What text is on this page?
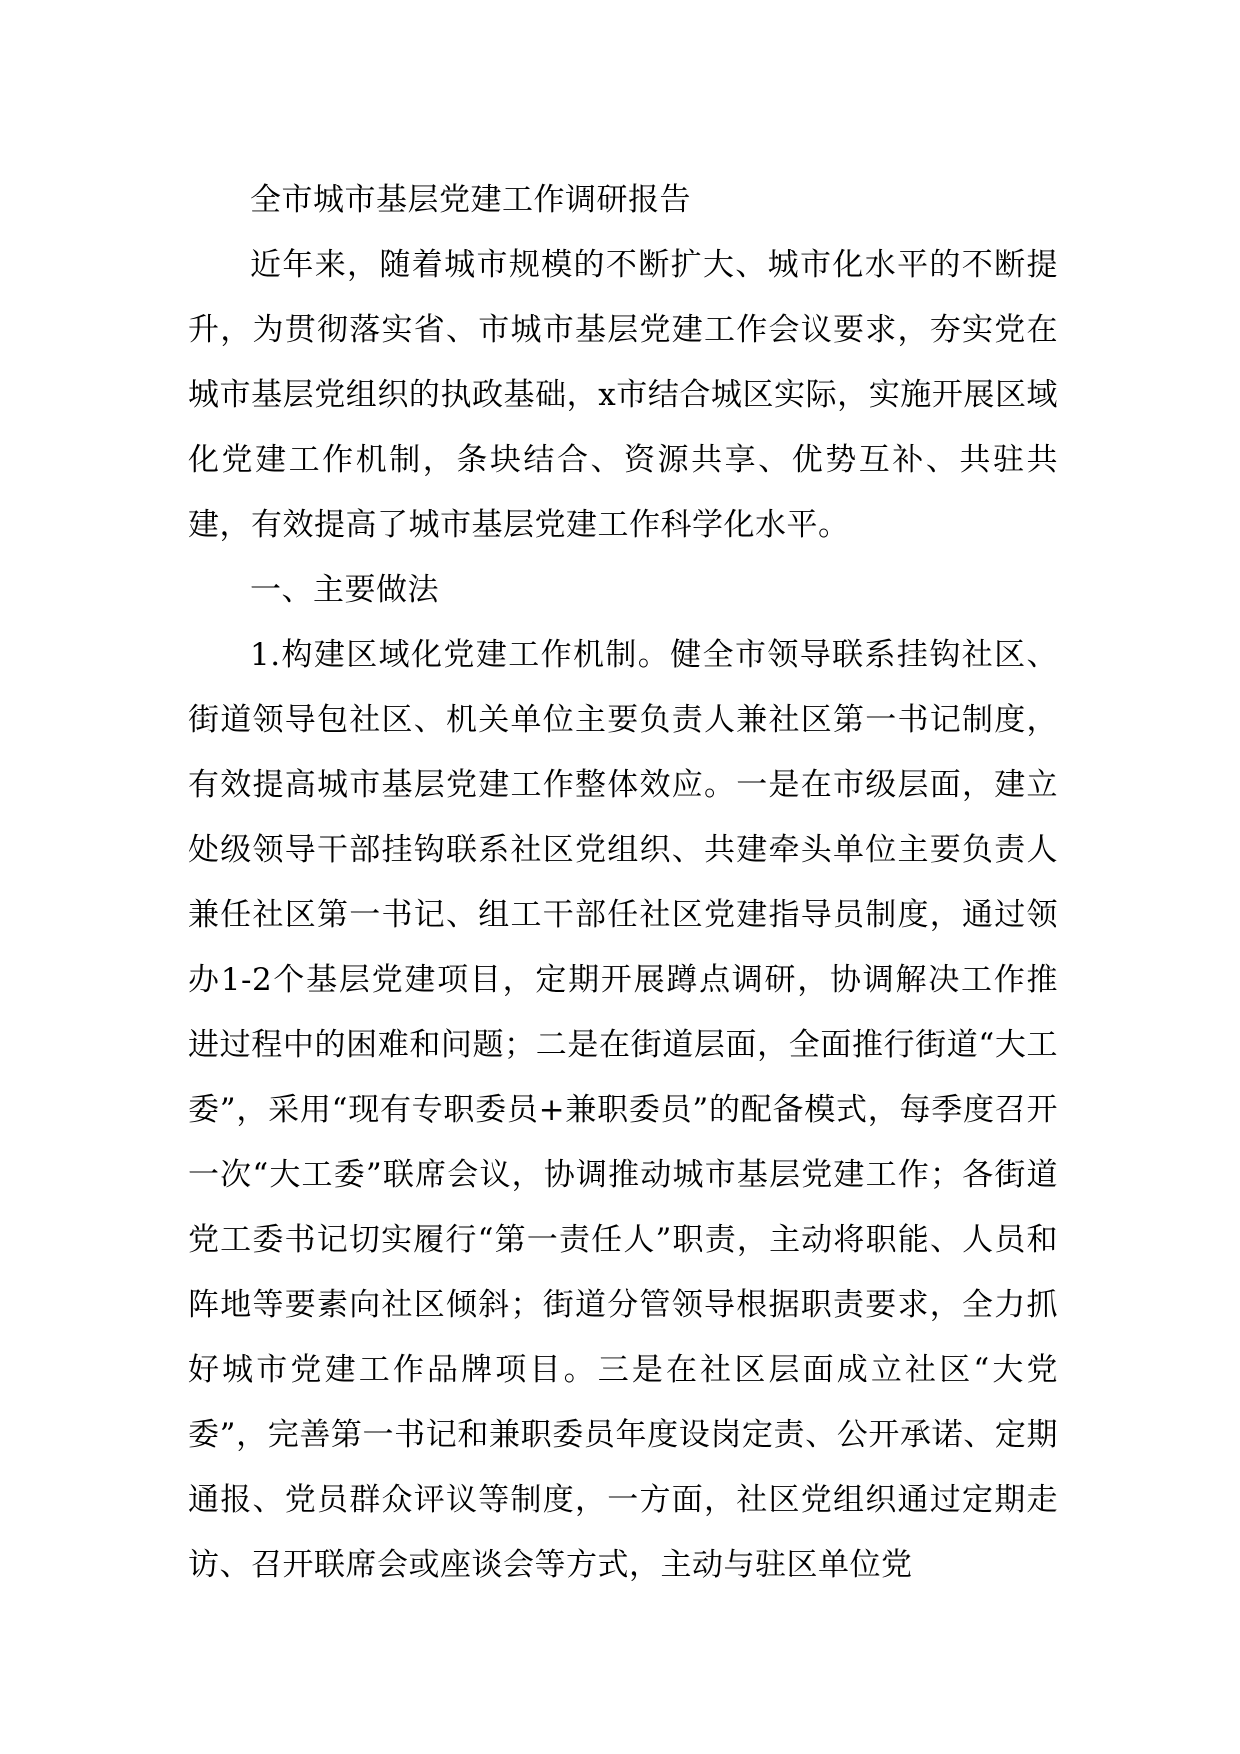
全市城市基层党建工作调研报告

近年来，随着城市规模的不断扩大、城市化水平的不断提升，为贯彻落实省、市城市基层党建工作会议要求，夯实党在城市基层党组织的执政基础，x市结合城区实际，实施开展区域化党建工作机制，条块结合、资源共享、优势互补、共驻共建，有效提高了城市基层党建工作科学化水平。

一、主要做法

1.构建区域化党建工作机制。健全市领导联系挂钩社区、街道领导包社区、机关单位主要负责人兼社区第一书记制度，有效提高城市基层党建工作整体效应。一是在市级层面，建立处级领导干部挂钩联系社区党组织、共建牵头单位主要负责人兼任社区第一书记、组工干部任社区党建指导员制度，通过领办1-2个基层党建项目，定期开展蹲点调研，协调解决工作推进过程中的困难和问题；二是在街道层面，全面推行街道“大工委”，采用“现有专职委员+兼职委员”的配备模式，每季度召开一次“大工委”联席会议，协调推动城市基层党建工作；各街道党工委书记切实履行“第一责任人”职责，主动将职能、人员和阵地等要素向社区倾斜；街道分管领导根据职责要求，全力抓好城市党建工作品牌项目。三是在社区层面成立社区“大党委”，完善第一书记和兼职委员年度设岗定责、公开承诺、定期通报、党员群众评议等制度，一方面，社区党组织通过定期走访、召开联席会或座谈会等方式，主动与驻区单位党
